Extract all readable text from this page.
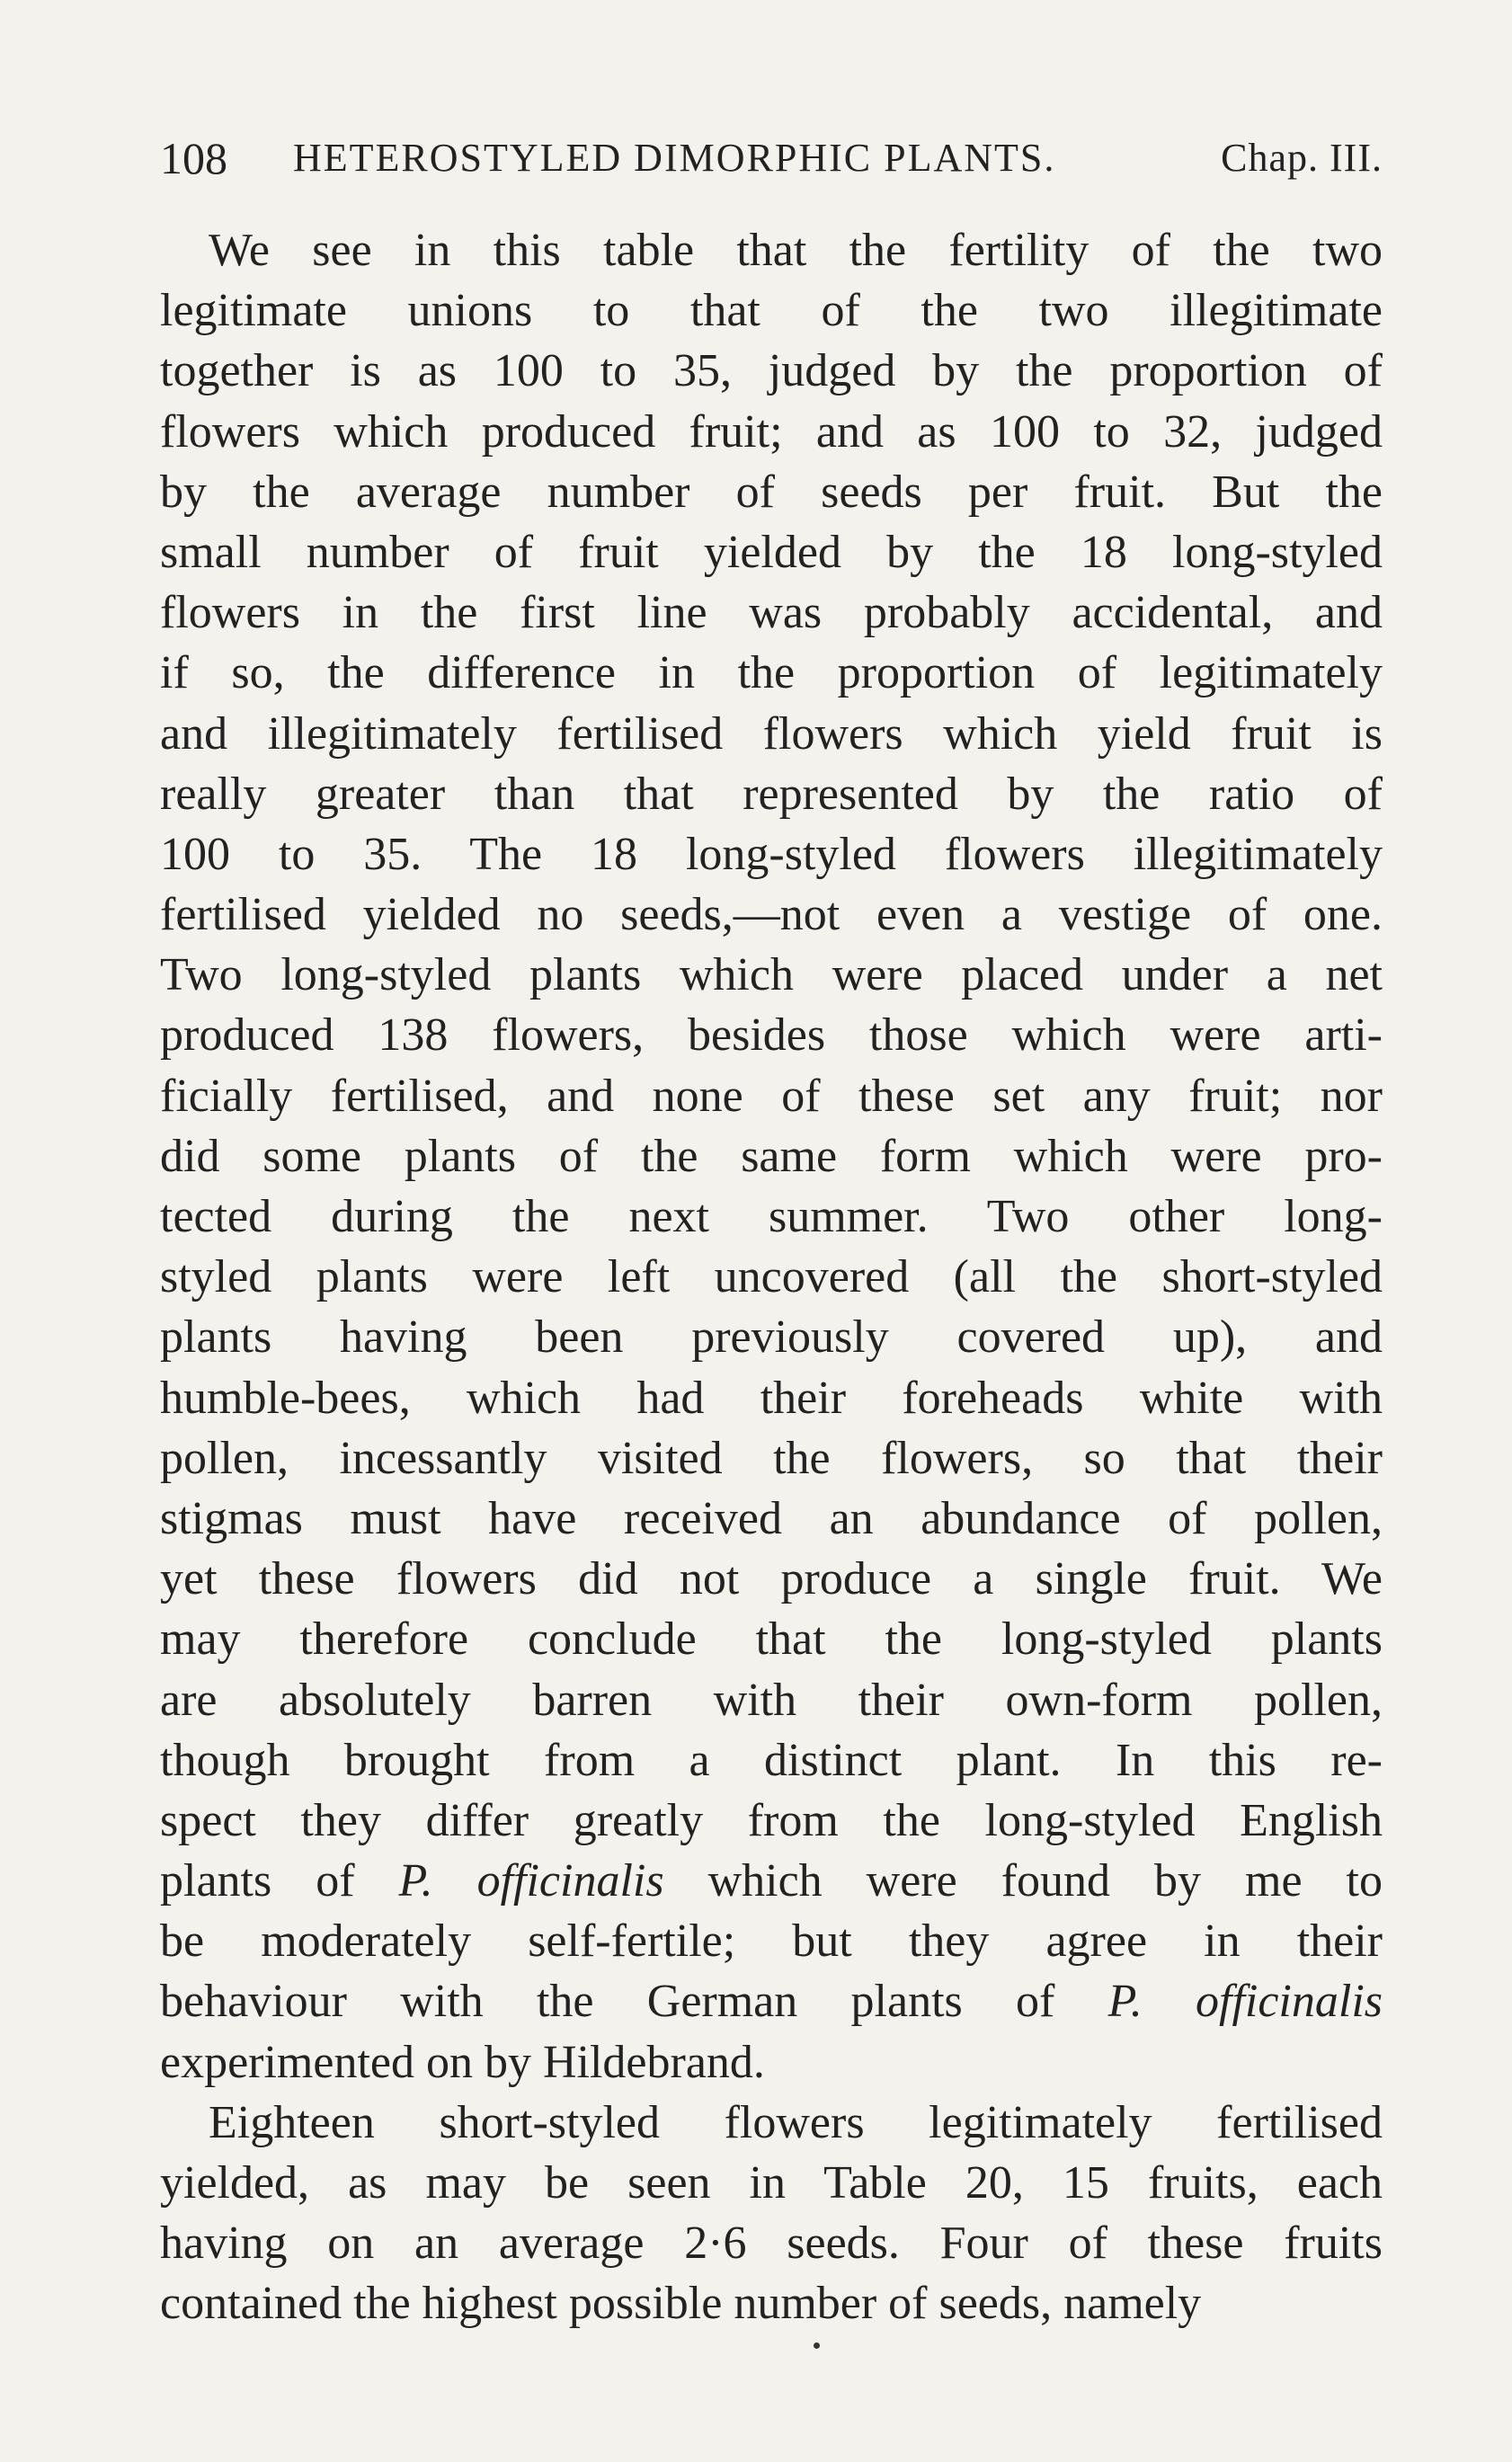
108 HETEROSTYLED DIMORPHIC PLANTS.	Chap. III.
We see in this table that the fertility of the two
legitimate unions to that of the two illegitimate
together is as 100 to 35, judged by the proportion of
flowers which produced fruit; and as 100 to 32, judged
by the average number of seeds per fruit. But the
small number of fruit yielded by the 18 long-styled
flowers in the first line was probably accidental, and
if so, the difference in the proportion of legitimately
and illegitimately fertilised flowers which yield fruit is
really greater than that represented by the ratio of
100 to 35. The 18 long-styled flowers illegitimately
fertilised yielded no seeds,—not even a vestige of one.
Two long-styled plants which were placed under a net
produced 138 flowers, besides those which were arti-
ficially fertilised, and none of these set any fruit; nor
did some plants of the same form which were pro-
tected during the next summer. Two other long-
styled plants were left uncovered (all the short-styled
plants having been previously covered up), and
humble-bees, which had their foreheads white with
pollen, incessantly visited the flowers, so that their
stigmas must have received an abundance of pollen,
yet these flowers did not produce a single fruit. We
may therefore conclude that the long-styled plants
are absolutely barren with their own-form pollen,
though brought from a distinct plant. In this re-
spect they differ greatly from the long-styled English
plants of P. officinalis which were found by me to
be moderately self-fertile; but they agree in their
behaviour with the German plants of P. officinalis
experimented on by Hildebrand.
Eighteen short-styled flowers legitimately fertilised
yielded, as may be seen in Table 20, 15 fruits, each
having on an average 2·6 seeds. Four of these fruits
contained the highest possible number of seeds, namely
